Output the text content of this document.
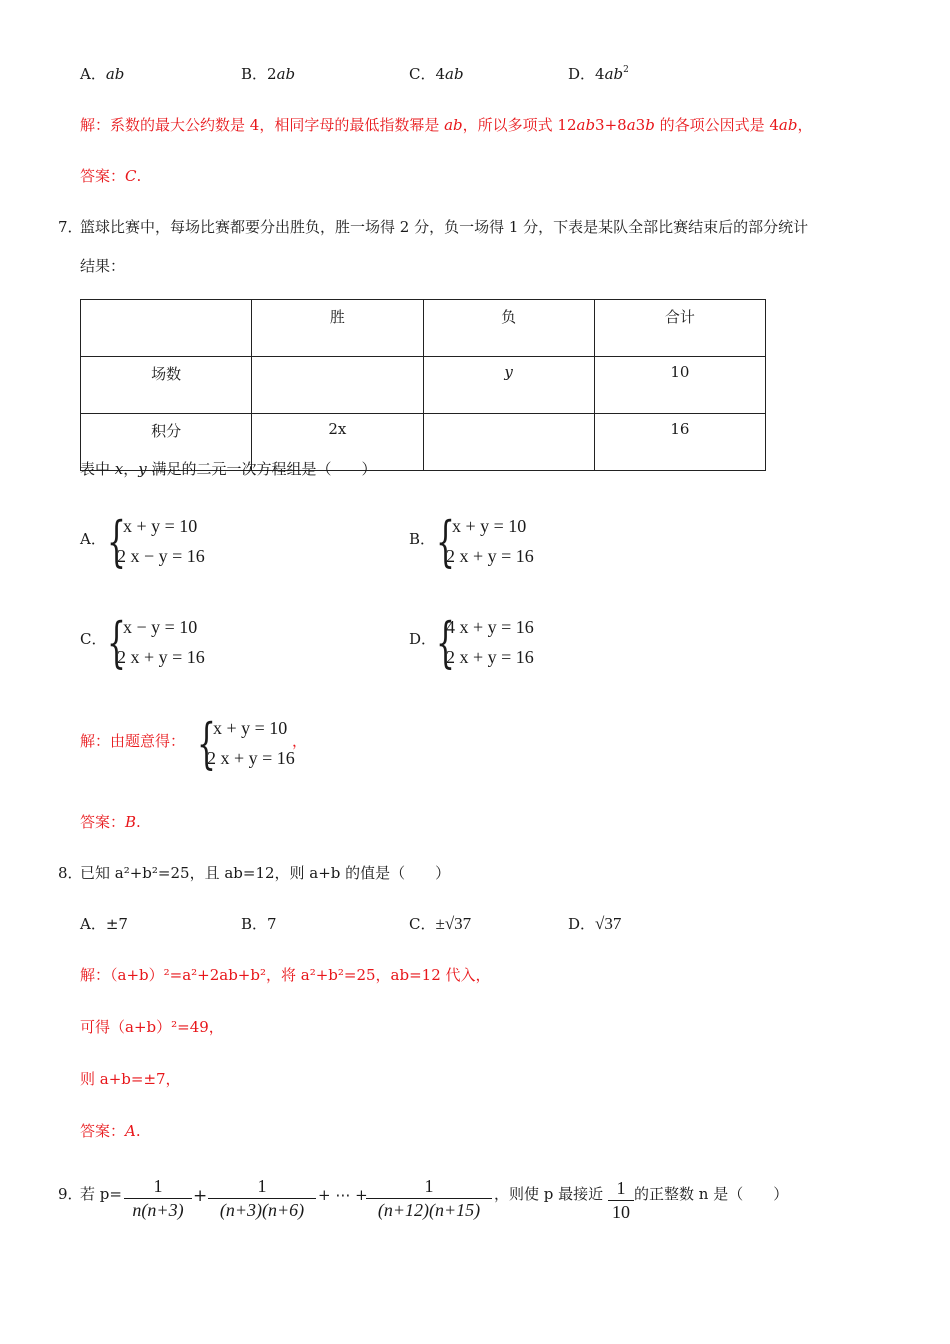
A．ab	B．2ab	C．4ab	D．$4ab^2$
解：系数的最大公约数是 4，相同字母的最低指数幂是 ab，所以多项式 12ab3+8a3b 的各项公因式是 4ab，
答案：C.
7．
篮球比赛中，每场比赛都要分出胜负，胜一场得 2 分，负一场得 1 分，下表是某队全部比赛结束后的部分统计
结果：
	胜	负	合计
场数		y	10
积分	2x		16
表中 x，y 满足的二元一次方程组是（　　）
A． {
x + y = 10
2 x − y = 16
B． {
x + y = 10
2 x + y = 16
C． {
x − y = 10
2 x + y = 16
D． {
4 x + y = 16
2 x + y = 16
解：由题意得： {
x + y = 10
2 x + y = 16
，
答案：B.
8．
已知 a²+b²=25，且 ab=12，则 a+b 的值是（　　）
A．±7	B．7	C．±√37	D．√37
解：（a+b）²=a²+2ab+b²，将 a²+b²=25，ab=12 代入，
可得（a+b）²=49，
则 a+b=±7，
答案：A.
9．
若 $p= \frac{1}{n(n+3)} + \frac{1}{(n+3)(n+6)}$ + ⋯ +
$\frac{1}{(n+12)(n+15)}$ ，则使 p 最接近 $\frac{1}{10}$ 的正整数 n 是（　　）
